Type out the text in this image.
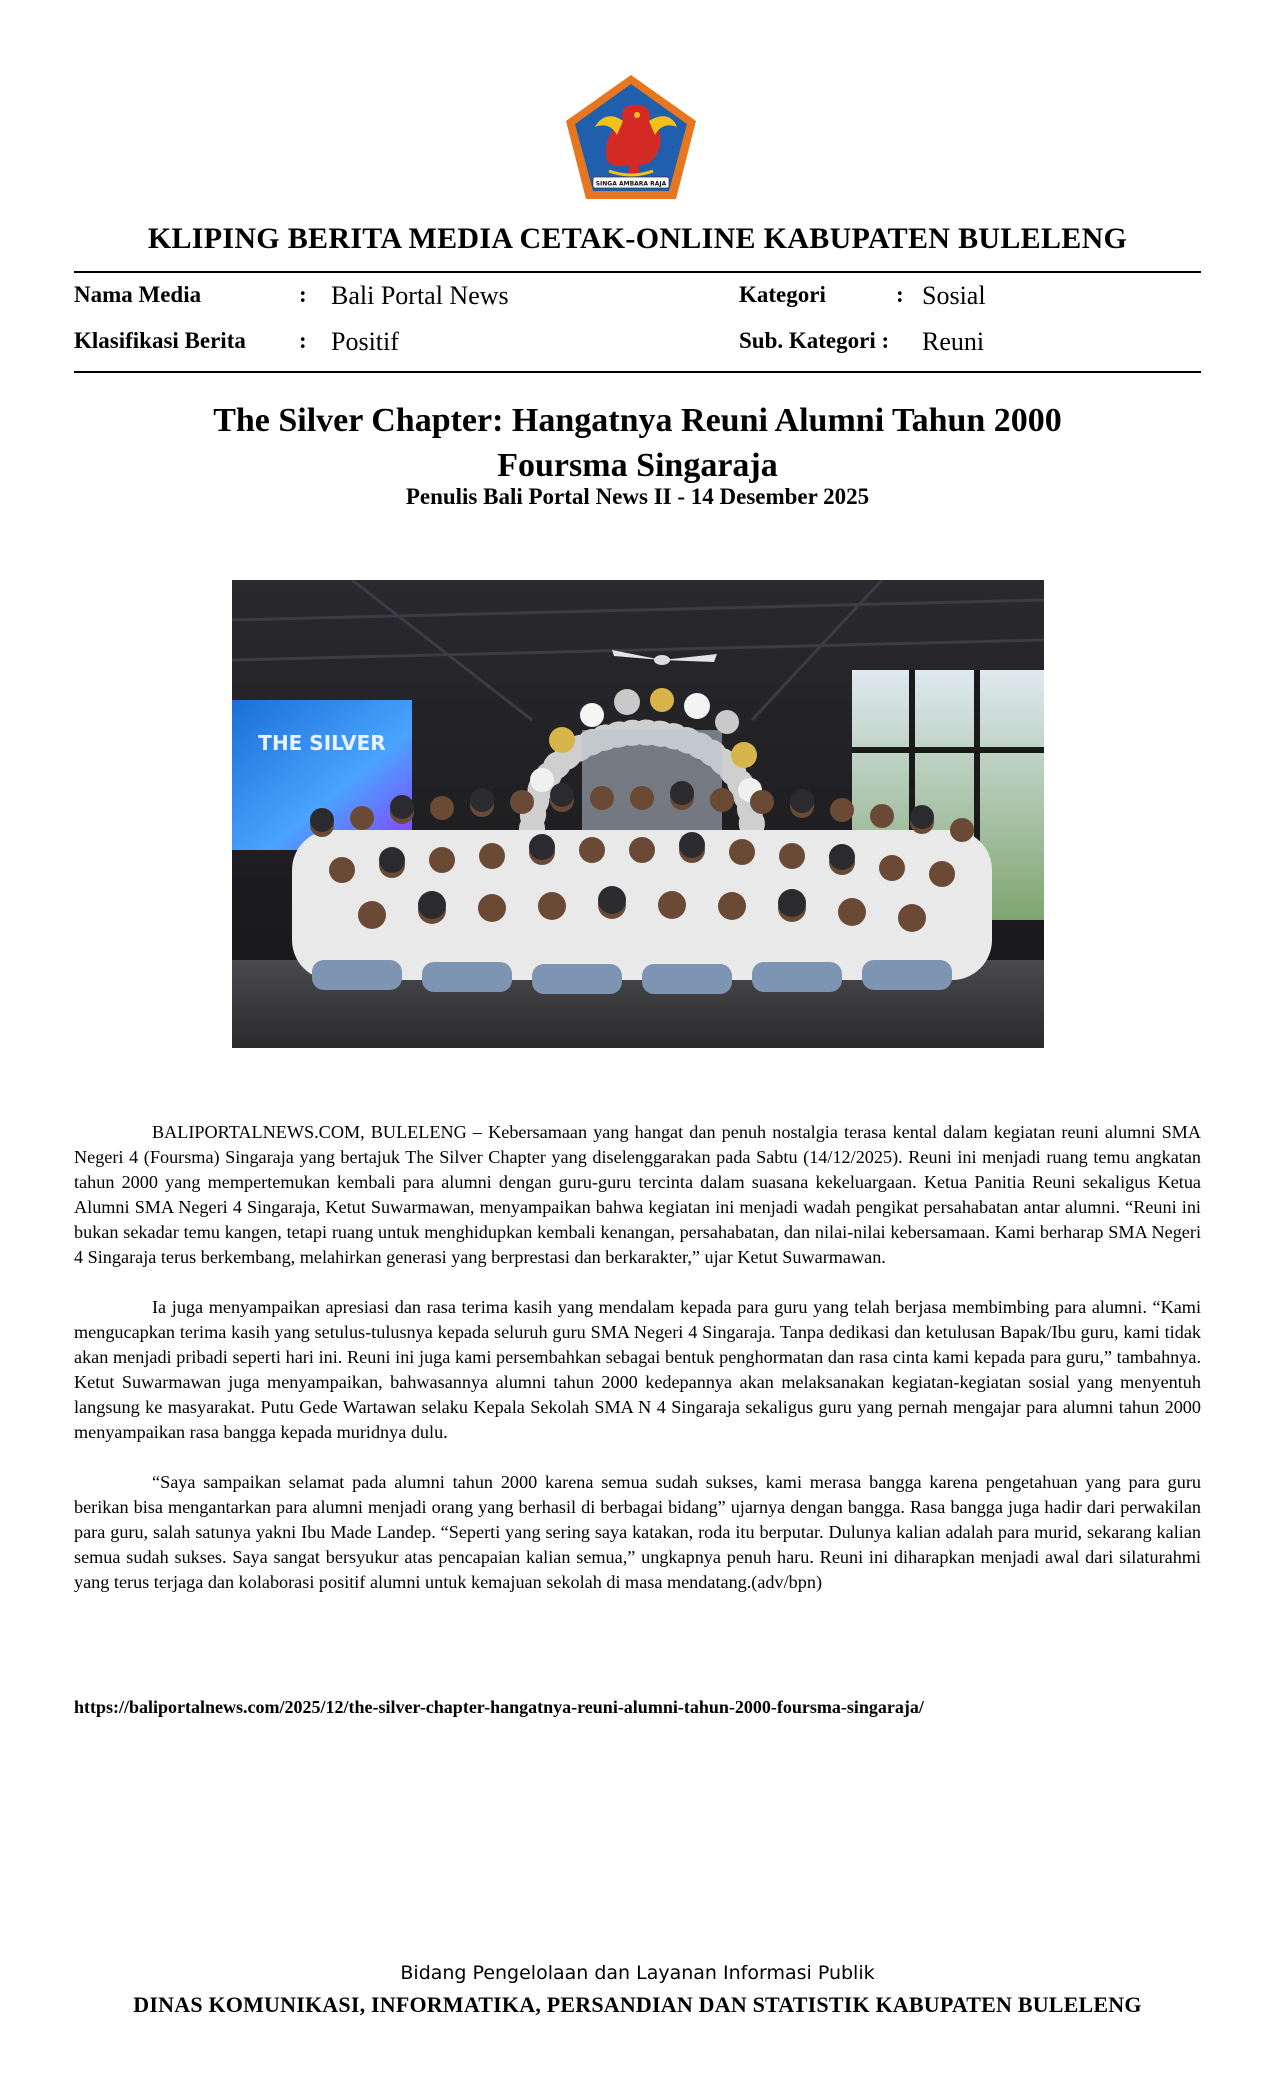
SINGA AMBARA RAJA
KLIPING BERITA MEDIA CETAK-ONLINE KABUPATEN BULELENG
Nama Media	: Bali Portal News
Klasifikasi Berita : Positif
Kategori	: Sosial
Sub. Kategori : Reuni
The Silver Chapter: Hangatnya Reuni Alumni Tahun 2000
Foursma Singaraja
Penulis Bali Portal News II - 14 Desember 2025
THE SILVER

BALIPORTALNEWS.COM, BULELENG – Kebersamaan yang hangat dan penuh nostalgia terasa kental dalam kegiatan reuni alumni SMA Negeri 4 (Foursma) Singaraja yang bertajuk The Silver Chapter yang diselenggarakan pada Sabtu (14/12/2025). Reuni ini menjadi ruang temu angkatan tahun 2000 yang mempertemukan kembali para alumni dengan guru-guru tercinta dalam suasana kekeluargaan. Ketua Panitia Reuni sekaligus Ketua Alumni SMA Negeri 4 Singaraja, Ketut Suwarmawan, menyampaikan bahwa kegiatan ini menjadi wadah pengikat persahabatan antar alumni. “Reuni ini bukan sekadar temu kangen, tetapi ruang untuk menghidupkan kembali kenangan, persahabatan, dan nilai-nilai kebersamaan. Kami berharap SMA Negeri 4 Singaraja terus berkembang, melahirkan generasi yang berprestasi dan berkarakter,” ujar Ketut Suwarmawan.

Ia juga menyampaikan apresiasi dan rasa terima kasih yang mendalam kepada para guru yang telah berjasa membimbing para alumni. “Kami mengucapkan terima kasih yang setulus-tulusnya kepada seluruh guru SMA Negeri 4 Singaraja. Tanpa dedikasi dan ketulusan Bapak/Ibu guru, kami tidak akan menjadi pribadi seperti hari ini. Reuni ini juga kami persembahkan sebagai bentuk penghormatan dan rasa cinta kami kepada para guru,” tambahnya. Ketut Suwarmawan juga menyampaikan, bahwasannya alumni tahun 2000 kedepannya akan melaksanakan kegiatan-kegiatan sosial yang menyentuh langsung ke masyarakat. Putu Gede Wartawan selaku Kepala Sekolah SMA N 4 Singaraja sekaligus guru yang pernah mengajar para alumni tahun 2000 menyampaikan rasa bangga kepada muridnya dulu.

“Saya sampaikan selamat pada alumni tahun 2000 karena semua sudah sukses, kami merasa bangga karena pengetahuan yang para guru berikan bisa mengantarkan para alumni menjadi orang yang berhasil di berbagai bidang” ujarnya dengan bangga. Rasa bangga juga hadir dari perwakilan para guru, salah satunya yakni Ibu Made Landep. “Seperti yang sering saya katakan, roda itu berputar. Dulunya kalian adalah para murid, sekarang kalian semua sudah sukses. Saya sangat bersyukur atas pencapaian kalian semua,” ungkapnya penuh haru. Reuni ini diharapkan menjadi awal dari silaturahmi yang terus terjaga dan kolaborasi positif alumni untuk kemajuan sekolah di masa mendatang.(adv/bpn)

https://baliportalnews.com/2025/12/the-silver-chapter-hangatnya-reuni-alumni-tahun-2000-foursma-singaraja/
Bidang Pengelolaan dan Layanan Informasi Publik
DINAS KOMUNIKASI, INFORMATIKA, PERSANDIAN DAN STATISTIK KABUPATEN BULELENG
